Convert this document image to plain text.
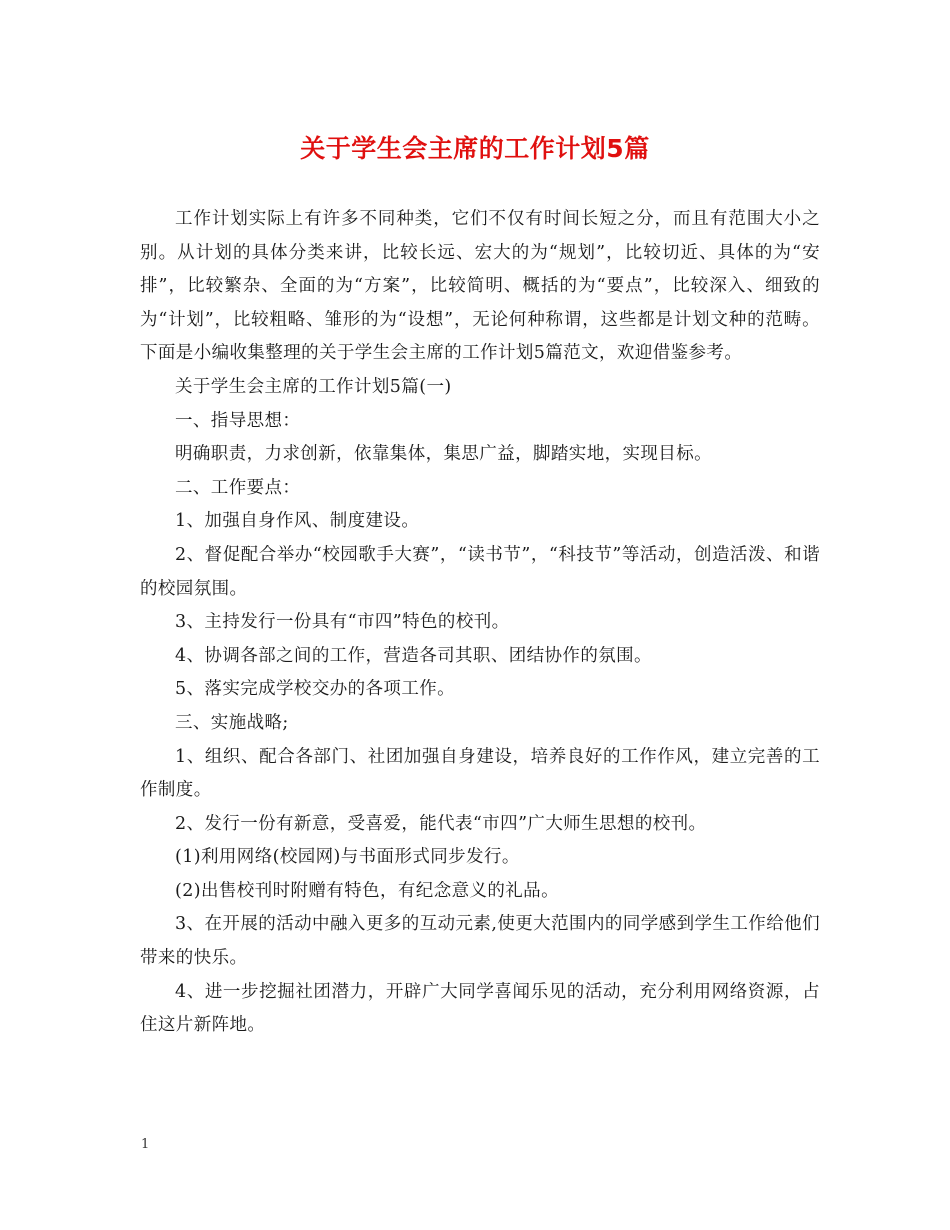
关于学生会主席的工作计划5篇

工作计划实际上有许多不同种类，它们不仅有时间长短之分，而且有范围大小之别。从计划的具体分类来讲，比较长远、宏大的为“规划”，比较切近、具体的为“安排”，比较繁杂、全面的为“方案”，比较简明、概括的为“要点”，比较深入、细致的为“计划”，比较粗略、雏形的为“设想”，无论何种称谓，这些都是计划文种的范畴。下面是小编收集整理的关于学生会主席的工作计划5篇范文，欢迎借鉴参考。

关于学生会主席的工作计划5篇(一)

一、指导思想：

明确职责，力求创新，依靠集体，集思广益，脚踏实地，实现目标。

二、工作要点：

1、加强自身作风、制度建设。

2、督促配合举办“校园歌手大赛”，“读书节”，“科技节”等活动，创造活泼、和谐的校园氛围。

3、主持发行一份具有“市四”特色的校刊。

4、协调各部之间的工作，营造各司其职、团结协作的氛围。

5、落实完成学校交办的各项工作。

三、实施战略;

1、组织、配合各部门、社团加强自身建设，培养良好的工作作风，建立完善的工作制度。

2、发行一份有新意，受喜爱，能代表“市四”广大师生思想的校刊。

(1)利用网络(校园网)与书面形式同步发行。

(2)出售校刊时附赠有特色，有纪念意义的礼品。

3、在开展的活动中融入更多的互动元素,使更大范围内的同学感到学生工作给他们带来的快乐。

4、进一步挖掘社团潜力，开辟广大同学喜闻乐见的活动，充分利用网络资源，占住这片新阵地。

1
